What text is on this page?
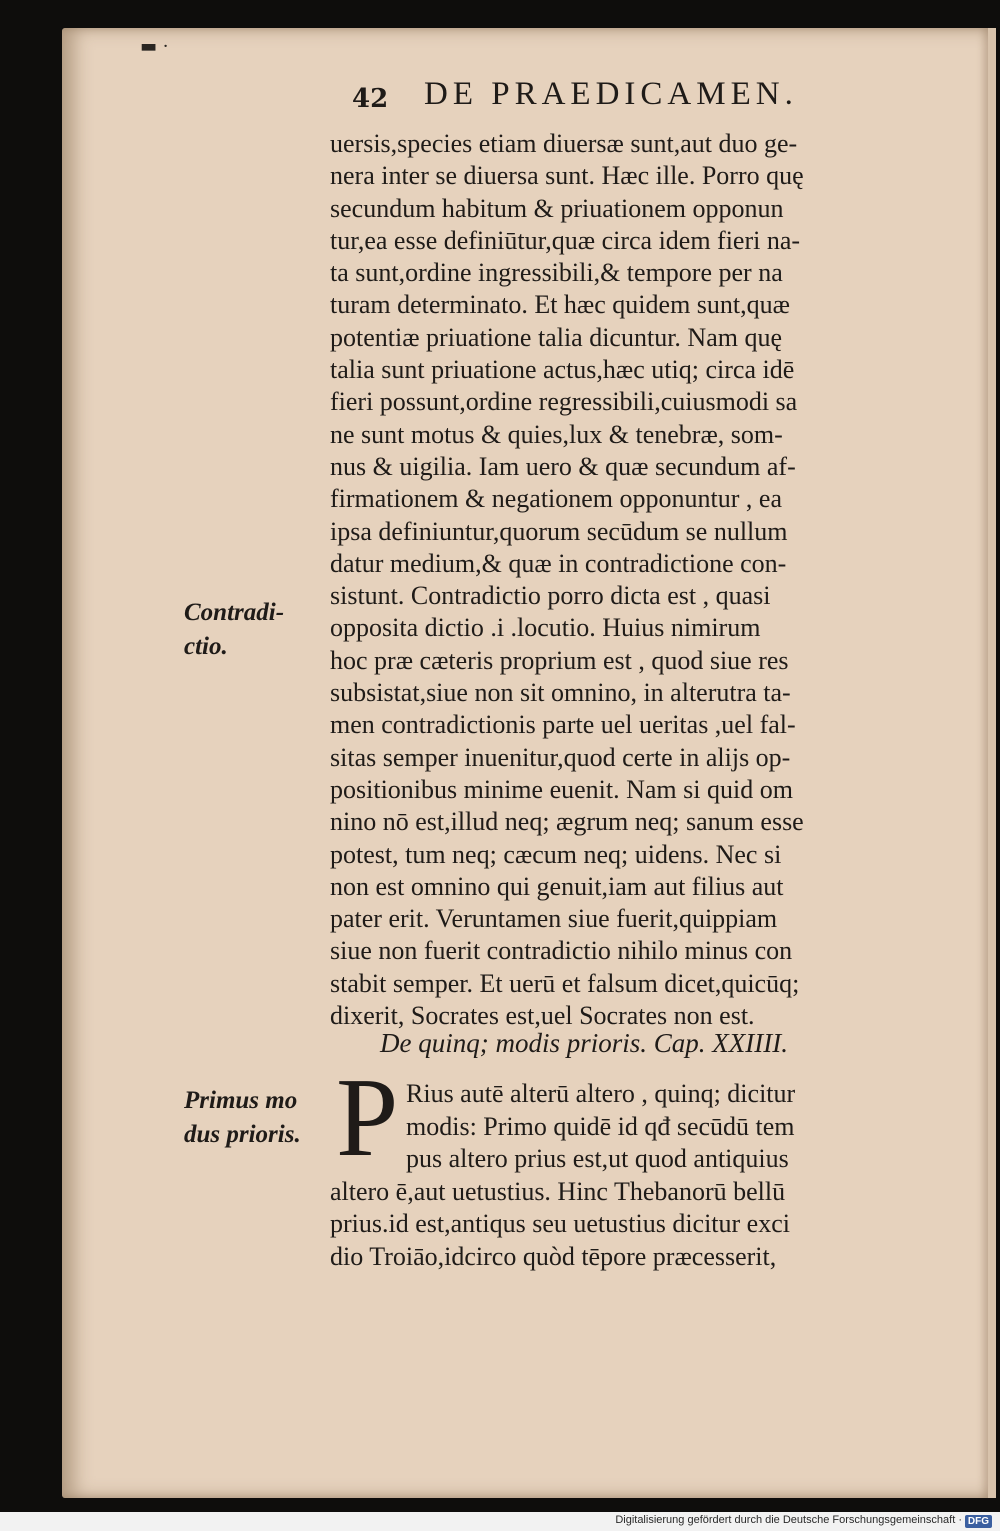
▬ ·
42 DE PRAEDICAMEN.
uersis,species etiam diuersæ sunt,aut duo ge-
nera inter se diuersa sunt. Hæc ille. Porro quę
secundum habitum & priuationem opponun
tur,ea esse definiūtur,quæ circa idem fieri na-
ta sunt,ordine ingressibili,& tempore per na
turam determinato. Et hæc quidem sunt,quæ
potentiæ priuatione talia dicuntur. Nam quę
talia sunt priuatione actus,hæc utiq; circa idē
fieri possunt,ordine regressibili,cuiusmodi sa
ne sunt motus & quies,lux & tenebræ, som-
nus & uigilia. Iam uero & quæ secundum af-
firmationem & negationem opponuntur , ea
ipsa definiuntur,quorum secūdum se nullum
datur medium,& quæ in contradictione con-
sistunt. Contradictio porro dicta est , quasi
opposita dictio .i .locutio. Huius nimirum
hoc præ cæteris proprium est , quod siue res
subsistat,siue non sit omnino, in alterutra ta-
men contradictionis parte uel ueritas ,uel fal-
sitas semper inuenitur,quod certe in alijs op-
positionibus minime euenit. Nam si quid om
nino nō est,illud neq; ægrum neq; sanum esse
potest, tum neq; cæcum neq; uidens. Nec si
non est omnino qui genuit,iam aut filius aut
pater erit. Veruntamen siue fuerit,quippiam
siue non fuerit contradictio nihilo minus con
stabit semper. Et uerū et falsum dicet,quicūq;
dixerit, Socrates est,uel Socrates non est.
Contradi-
ctio.
De quinq; modis prioris. Cap. XXIIII.
Primus mo
dus prioris. P Rius autē alterū altero , quinq; dicitur
modis: Primo quidē id qđ secūdū tem
pus altero prius est,ut quod antiquius
altero ē,aut uetustius. Hinc Thebanorū bellū
prius.id est,antiqus seu uetustius dicitur exci
dio Troiāo,idcirco quòd tēpore præcesserit,
Digitalisierung gefördert durch die Deutsche Forschungsgemeinschaft · DFG
